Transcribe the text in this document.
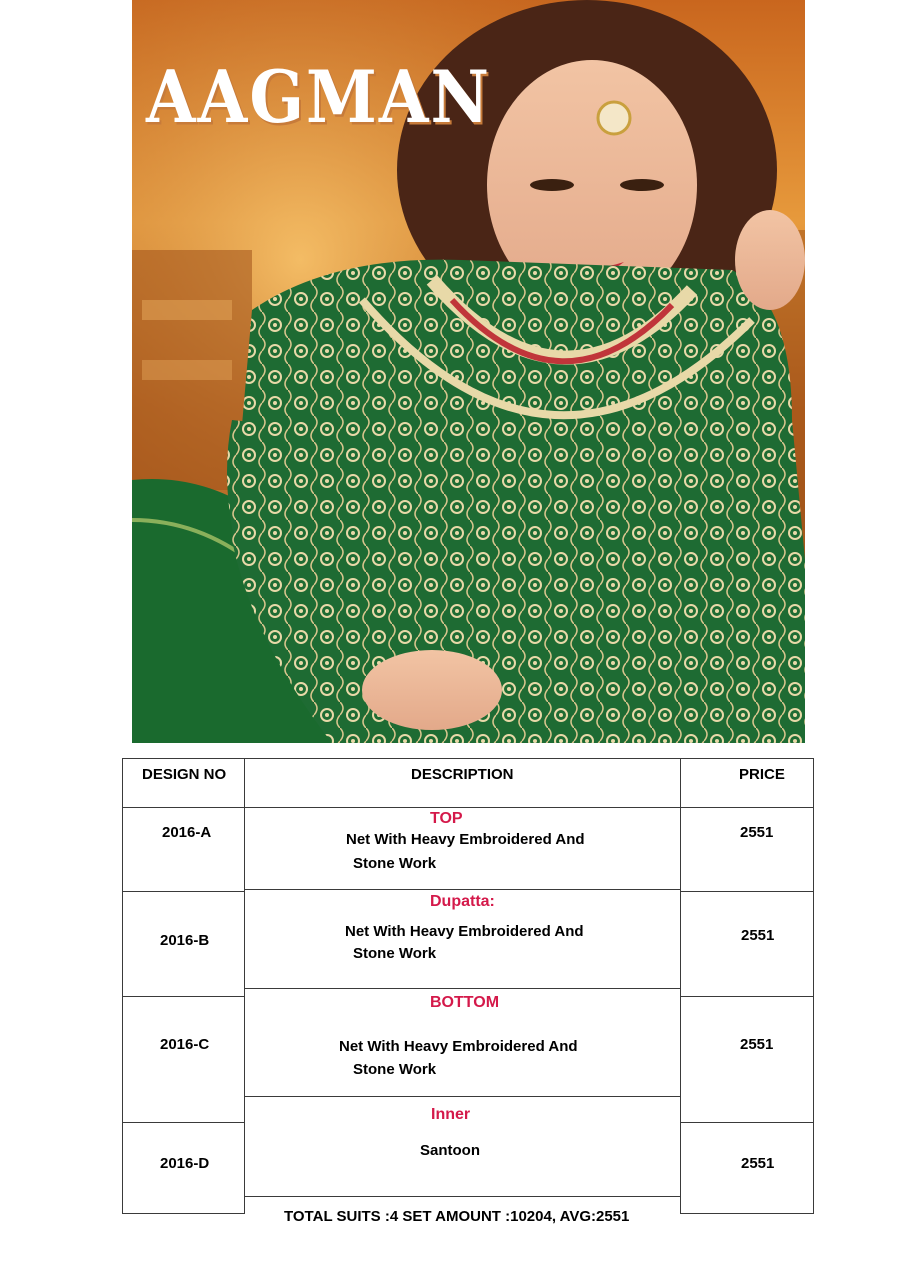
AAGMAN
DESIGN NO	DESCRIPTION	PRICE
2016-A
2016-B
2016-C
2016-D
2551
2551
2551
2551
TOP
Net With Heavy Embroidered And
Stone Work
Dupatta:
Net With Heavy Embroidered And
Stone Work
BOTTOM
Net With Heavy Embroidered And
Stone Work
Inner
Santoon
TOTAL SUITS :4 SET AMOUNT :10204, AVG:2551
